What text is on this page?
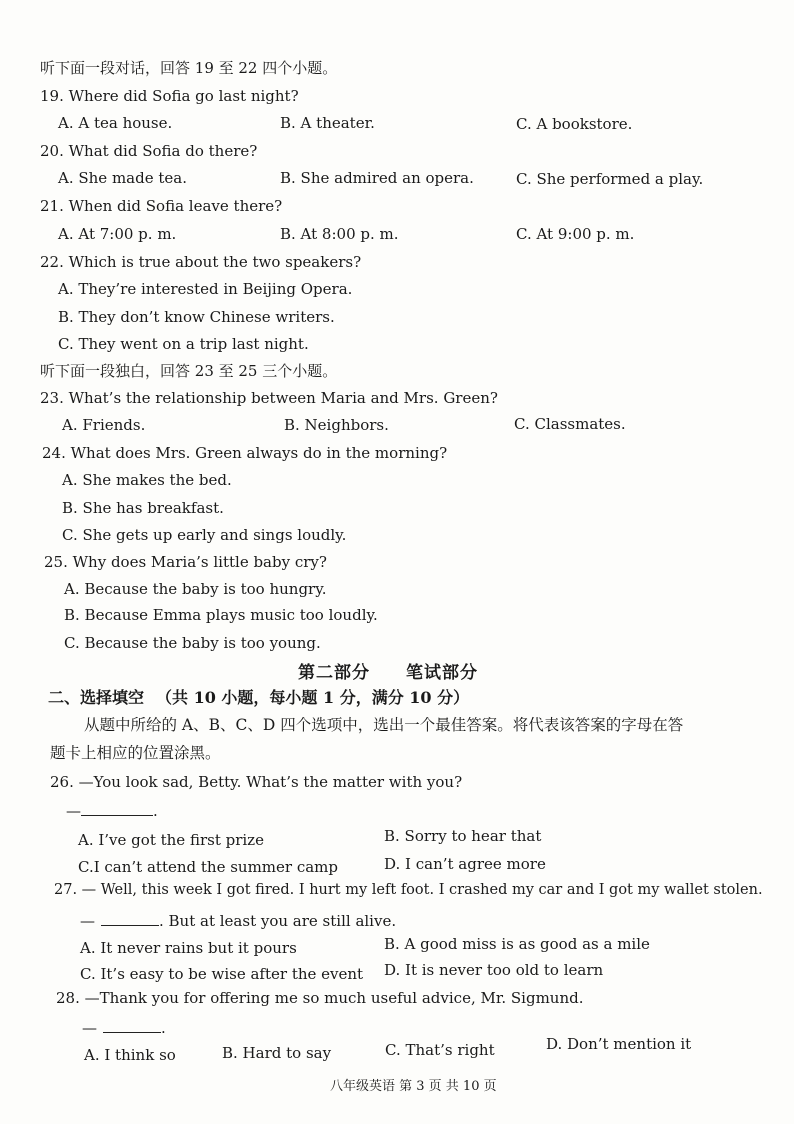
听下面一段对话，回答 19 至 22 四个小题。
19. Where did Sofia go last night?
A. A tea house.	B. A theater.	C. A bookstore.
20. What did Sofia do there?
A. She made tea.	B. She admired an opera.	C. She performed a play.
21. When did Sofia leave there?
A. At 7:00 p. m.	B. At 8:00 p. m.	C. At 9:00 p. m.
22. Which is true about the two speakers?
A. They’re interested in Beijing Opera.
B. They don’t know Chinese writers.
C. They went on a trip last night.
听下面一段独白，回答 23 至 25 三个小题。
23. What’s the relationship between Maria and Mrs. Green?
A. Friends.	B. Neighbors.	C. Classmates.
24. What does Mrs. Green always do in the morning?
A. She makes the bed.
B. She has breakfast.
C. She gets up early and sings loudly.
25. Why does Maria’s little baby cry?
A. Because the baby is too hungry.
B. Because Emma plays music too loudly.
C. Because the baby is too young.
第二部分　　笔试部分
二、选择填空 （共 10 小题，每小题 1 分，满分 10 分）
从题中所给的 A、B、C、D 四个选项中，选出一个最佳答案。将代表该答案的字母在答
题卡上相应的位置涂黑。
26. —You look sad, Betty. What’s the matter with you?
—	.
A. I’ve got the first prize	B. Sorry to hear that
C.I can’t attend the summer camp	D. I can’t agree more
27. — Well, this week I got fired. I hurt my left foot. I crashed my car and I got my wallet stolen.
—	. But at least you are still alive.
A. It never rains but it pours	B. A good miss is as good as a mile
C. It’s easy to be wise after the event D. It is never too old to learn
28. —Thank you for offering me so much useful advice, Mr. Sigmund.
—	.
A. I think so	B. Hard to say	C. That’s right	D. Don’t mention it
八年级英语 第 3 页 共 10 页
